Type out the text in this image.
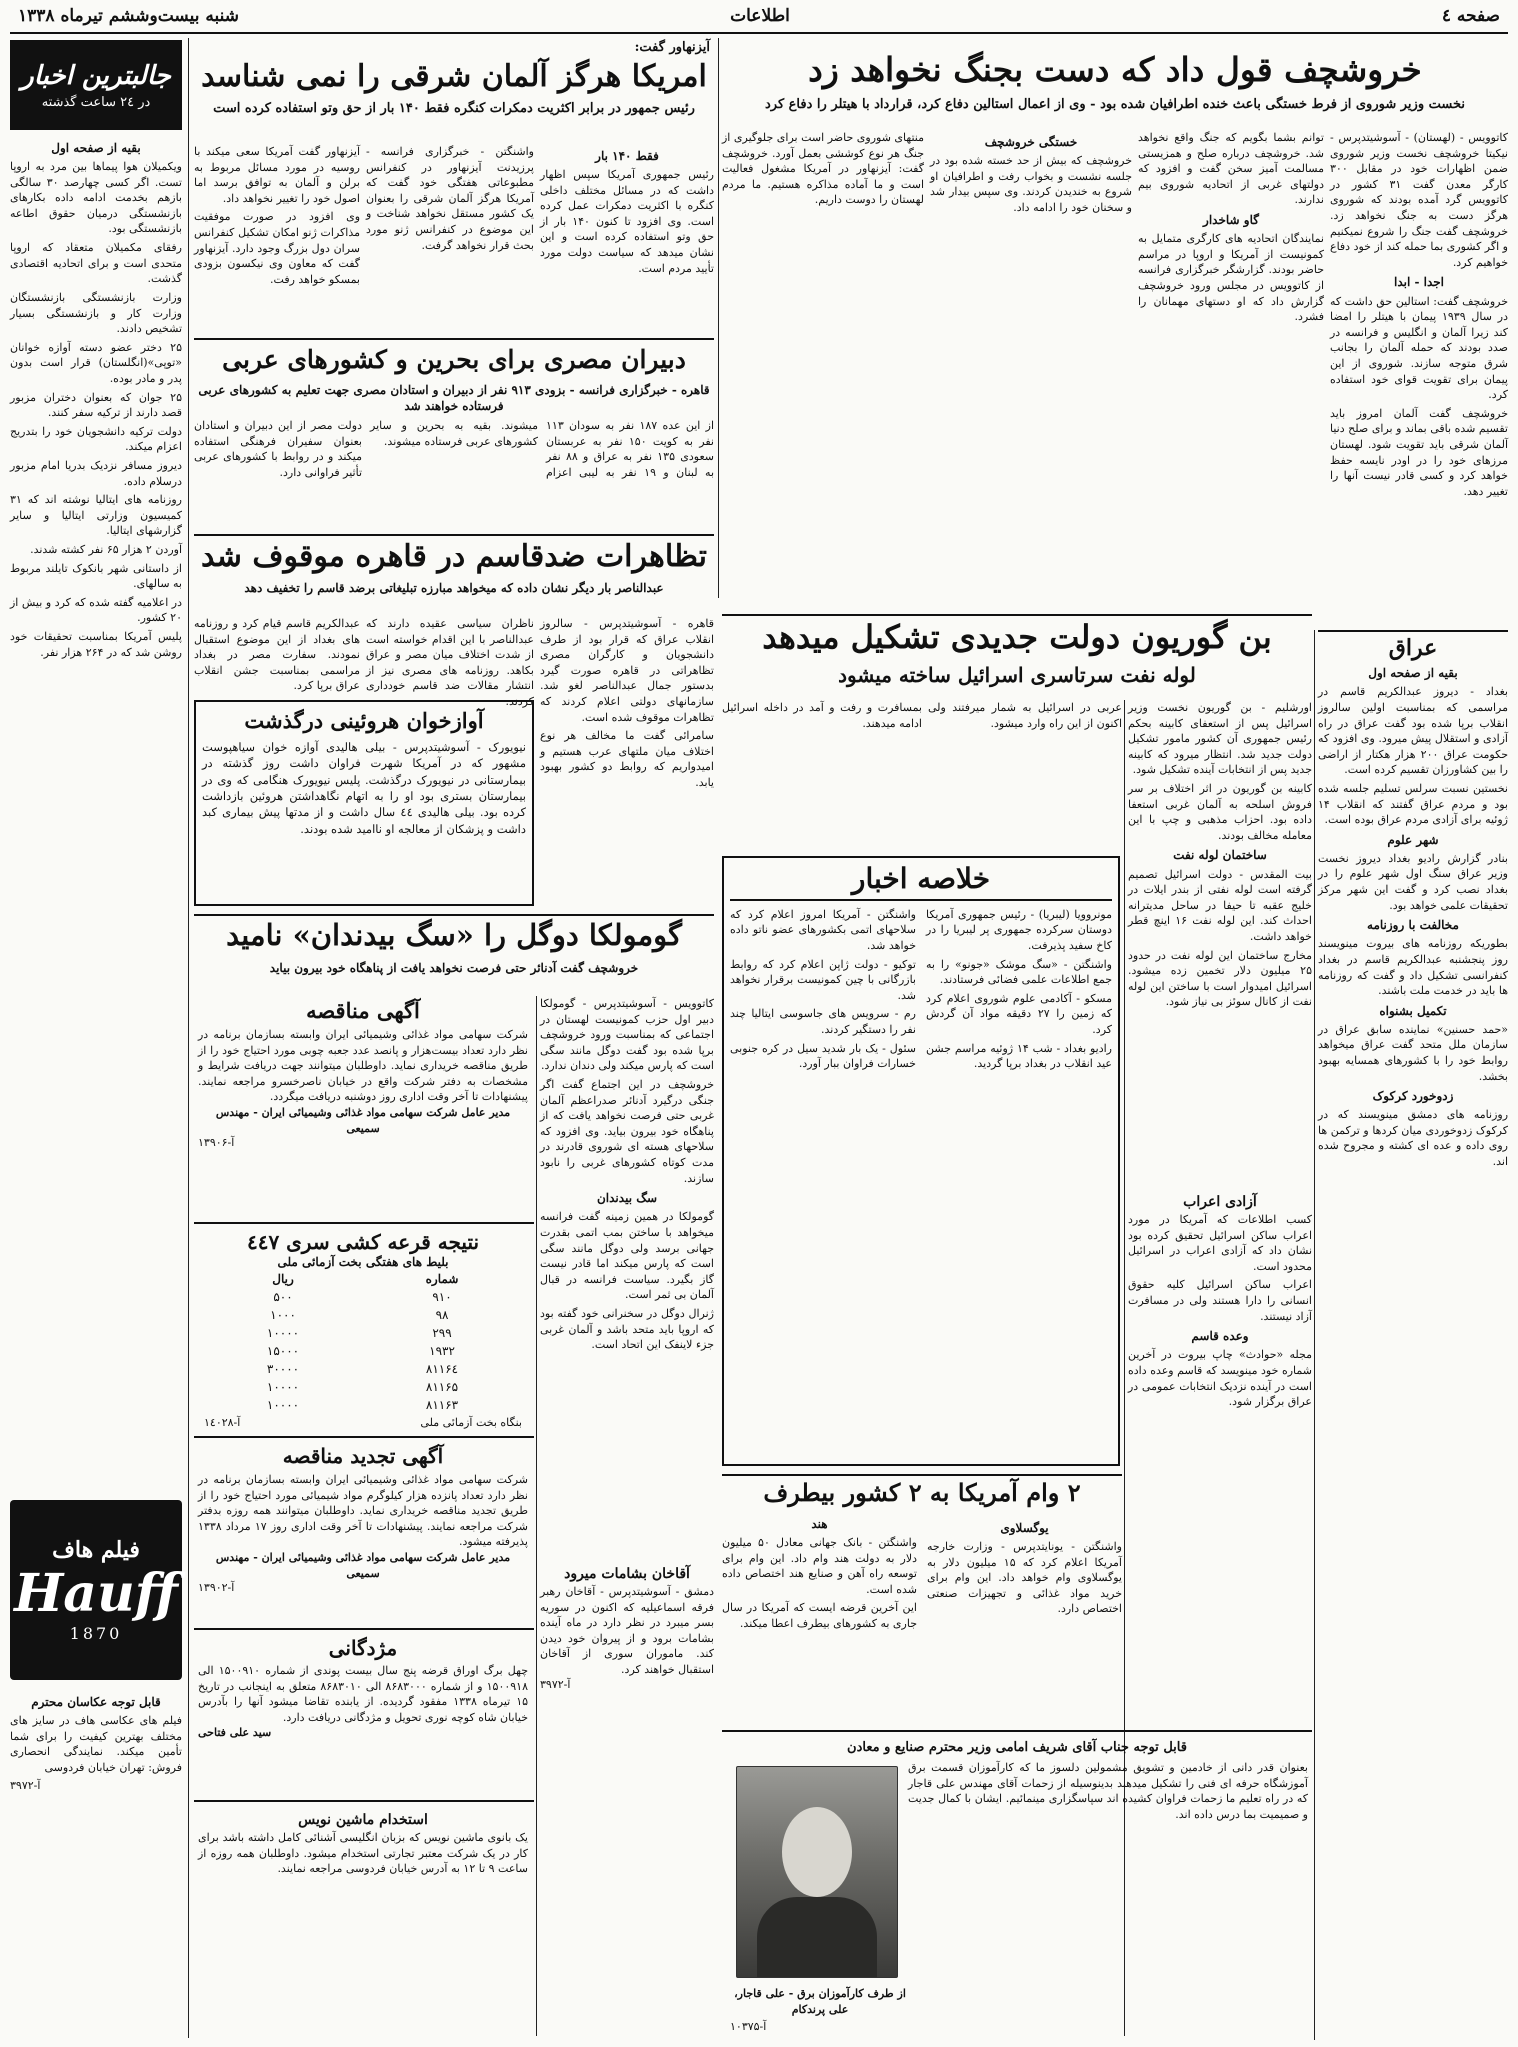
صفحه ٤
اطلاعات
شنبه بیست‌وششم تیرماه ۱۳۳۸
جالبترین اخبار
در ٢٤ ساعت گذشته
بقیه از صفحه اول

ویکمیلان هوا پیماها بین مرد به اروپا تست. اگر کسی چهارصد ۳۰ سالگی بازهم بخدمت ادامه داده بکارهای بازنشستگی درمیان حقوق اطاعه بازنشستگی بود.

رفقای مکمیلان متعقاد که اروپا متحدی است و برای اتحادیه اقتصادی گذشت.

وزارت بازنشستگی بازنشستگان وزارت کار و بازنشستگی بسیار تشخیص دادند.

۲۵ دختر عضو دسته آوازه خوانان «توپی»(انگلستان) قرار است بدون پدر و مادر بوده.

۲۵ جوان که بعنوان دختران مزبور قصد دارند از ترکیه سفر کنند.

دولت ترکیه دانشجویان خود را بتدریج اعزام میکند.

دیروز مسافر نزدیک بدریا امام مزبور درسلام داده.

روزنامه های ایتالیا نوشته اند که ۳۱ کمیسیون وزارتی ایتالیا و سایر گزارشهای ایتالیا.

آوردن ۲ هزار ۶۵ نفر کشته شدند.

از داستانی شهر بانکوک تایلند مربوط به سالهای.

در اعلامیه گفته شده که کرد و بیش از ۲۰ کشور.

پلیس آمریکا بمناسبت تحقیقات خود روشن شد که در ۲۶۴ هزار نفر.

فیلم هاف
Hauff
1870
قابل توجه عکاسان محترم

فیلم های عکاسی هاف در سایز های مختلف بهترین کیفیت را برای شما تأمین میکند. نمایندگی انحصاری فروش: تهران خیابان فردوسی

آ-۳۹۷۲
خروشچف قول داد که دست بجنگ نخواهد زد
نخست وزیر شوروی از فرط خستگی باعث خنده اطرافیان شده بود - وی از اعمال استالین دفاع کرد، قرارداد با هیتلر را دفاع کرد

کاتوویس - (لهستان) - آسوشیتدپرس - نیکیتا خروشچف نخست وزیر شوروی ضمن اظهارات خود در مقابل ۳۰۰ کارگر معدن گفت ۳۱ کشور در کاتوویس گرد آمده بودند که شوروی هرگز دست به جنگ نخواهد زد. خروشچف گفت جنگ را شروع نمیکنیم و اگر کشوری بما حمله کند از خود دفاع خواهیم کرد.

اجدا - ابدا

خروشچف گفت: استالین حق داشت که در سال ۱۹۳۹ پیمان با هیتلر را امضا کند زیرا آلمان و انگلیس و فرانسه در صدد بودند که حمله آلمان را بجانب شرق متوجه سازند. شوروی از این پیمان برای تقویت قوای خود استفاده کرد.

خروشچف گفت آلمان امروز باید تقسیم شده باقی بماند و برای صلح دنیا آلمان شرقی باید تقویت شود. لهستان مرزهای خود را در اودر نایسه حفظ خواهد کرد و کسی قادر نیست آنها را تغییر دهد.

توانم بشما بگویم که جنگ واقع نخواهد شد. خروشچف درباره صلح و همزیستی مسالمت آمیز سخن گفت و افزود که دولتهای غربی از اتحادیه شوروی بیم ندارند.

گاو شاخدار

نمایندگان اتحادیه های کارگری متمایل به کمونیست از آمریکا و اروپا در مراسم حاضر بودند. گزارشگر خبرگزاری فرانسه از کاتوویس در مجلس ورود خروشچف گزارش داد که او دستهای مهمانان را فشرد.

خستگی خروشچف

خروشچف که بیش از حد خسته شده بود در جلسه نشست و بخواب رفت و اطرافیان او شروع به خندیدن کردند. وی سپس بیدار شد و سخنان خود را ادامه داد.

منتهای شوروی حاضر است برای جلوگیری از جنگ هر نوع کوششی بعمل آورد. خروشچف گفت: آیزنهاور در آمریکا مشغول فعالیت است و ما آماده مذاکره هستیم. ما مردم لهستان را دوست داریم.

عراق
بقیه از صفحه اول

بغداد - دیروز عبدالکریم قاسم در مراسمی که بمناسبت اولین سالروز انقلاب برپا شده بود گفت عراق در راه آزادی و استقلال پیش میرود. وی افزود که حکومت عراق ۲۰۰ هزار هکتار از اراضی را بین کشاورزان تقسیم کرده است.

نخستین نسبت سرلس تسلیم جلسه شده بود و مردم عراق گفتند که انقلاب ۱۴ ژوئیه برای آزادی مردم عراق بوده است.

شهر علوم

بنادر گزارش رادیو بغداد دیروز نخست وزیر عراق سنگ اول شهر علوم را در بغداد نصب کرد و گفت این شهر مرکز تحقیقات علمی خواهد بود.

مخالفت با روزنامه

بطوریکه روزنامه های بیروت مینویسند روز پنجشنبه عبدالکریم قاسم در بغداد کنفرانسی تشکیل داد و گفت که روزنامه ها باید در خدمت ملت باشند.

تکمیل بشنواه

«حمد حسنین» نماینده سابق عراق در سازمان ملل متحد گفت عراق میخواهد روابط خود را با کشورهای همسایه بهبود بخشد.

زدوخورد کرکوک

روزنامه های دمشق مینویسند که در کرکوک زدوخوردی میان کردها و ترکمن ها روی داده و عده ای کشته و مجروح شده اند.

آیزنهاور گفت:
امریکا هرگز آلمان شرقی را نمی شناسد
رئیس جمهور در برابر اکثریت دمکرات کنگره فقط ۱۴۰ بار از حق وتو استفاده کرده است
فقط ۱۴۰ بار

رئیس جمهوری آمریکا سپس اظهار داشت که در مسائل مختلف داخلی کنگره با اکثریت دمکرات عمل کرده است. وی افزود تا کنون ۱۴۰ بار از حق وتو استفاده کرده است و این نشان میدهد که سیاست دولت مورد تأیید مردم است.

واشنگتن - خبرگزاری فرانسه - پرزیدنت آیزنهاور در کنفرانس مطبوعاتی هفتگی خود گفت که آمریکا هرگز آلمان شرقی را بعنوان یک کشور مستقل نخواهد شناخت و این موضوع در کنفرانس ژنو مورد بحث قرار نخواهد گرفت.

آیزنهاور گفت آمریکا سعی میکند با روسیه در مورد مسائل مربوط به برلن و آلمان به توافق برسد اما اصول خود را تغییر نخواهد داد.

وی افزود در صورت موفقیت مذاکرات ژنو امکان تشکیل کنفرانس سران دول بزرگ وجود دارد. آیزنهاور گفت که معاون وی نیکسون بزودی بمسکو خواهد رفت.

دبیران مصری برای بحرین و کشورهای عربی
قاهره - خبرگزاری فرانسه - بزودی ۹۱۳ نفر از دبیران و استادان مصری جهت تعلیم به کشورهای عربی فرستاده خواهند شد

از این عده ۱۸۷ نفر به سودان ۱۱۳ نفر به کویت ۱۵۰ نفر به عربستان سعودی ۱۳۵ نفر به عراق و ۸۸ نفر به لبنان و ۱۹ نفر به لیبی اعزام میشوند. بقیه به بحرین و سایر کشورهای عربی فرستاده میشوند.

دولت مصر از این دبیران و استادان بعنوان سفیران فرهنگی استفاده میکند و در روابط با کشورهای عربی تأثیر فراوانی دارد.

تظاهرات ضدقاسم در قاهره موقوف شد
عبدالناصر بار دیگر نشان داده که میخواهد مبارزه تبلیغاتی برضد قاسم را تخفیف دهد

قاهره - آسوشیتدپرس - سالروز انقلاب عراق که قرار بود از طرف دانشجویان و کارگران مصری تظاهراتی در قاهره صورت گیرد بدستور جمال عبدالناصر لغو شد. سازمانهای دولتی اعلام کردند که تظاهرات موقوف شده است.

سامرائی گفت ما مخالف هر نوع اختلاف میان ملتهای عرب هستیم و امیدواریم که روابط دو کشور بهبود یابد.

ناظران سیاسی عقیده دارند که عبدالناصر با این اقدام خواسته است از شدت اختلاف میان مصر و عراق بکاهد. روزنامه های مصری نیز از انتشار مقالات ضد قاسم خودداری کردند.

عبدالکریم قاسم قیام کرد و روزنامه های بغداد از این موضوع استقبال نمودند. سفارت مصر در بغداد مراسمی بمناسبت جشن انقلاب عراق برپا کرد.

آوازخوان هروئینی درگذشت
نیویورک - آسوشیتدپرس - بیلی هالیدی آوازه خوان سیاهپوست مشهور که در آمریکا شهرت فراوان داشت روز گذشته در بیمارستانی در نیویورک درگذشت. پلیس نیویورک هنگامی که وی در بیمارستان بستری بود او را به اتهام نگاهداشتن هروئین بازداشت کرده بود. بیلی هالیدی ٤٤ سال داشت و از مدتها پیش بیماری کبد داشت و پزشکان از معالجه او ناامید شده بودند.
گومولکا دوگل را «سگ بیدندان» نامید
خروشچف گفت آدنائر حتی فرصت نخواهد یافت از پناهگاه خود بیرون بیاید

کاتوویس - آسوشیتدپرس - گومولکا دبیر اول حزب کمونیست لهستان در اجتماعی که بمناسبت ورود خروشچف برپا شده بود گفت دوگل مانند سگی است که پارس میکند ولی دندان ندارد.

خروشچف در این اجتماع گفت اگر جنگی درگیرد آدنائر صدراعظم آلمان غربی حتی فرصت نخواهد یافت که از پناهگاه خود بیرون بیاید. وی افزود که سلاحهای هسته ای شوروی قادرند در مدت کوتاه کشورهای غربی را نابود سازند.

سگ بیدندان

گومولکا در همین زمینه گفت فرانسه میخواهد با ساختن بمب اتمی بقدرت جهانی برسد ولی دوگل مانند سگی است که پارس میکند اما قادر نیست گاز بگیرد. سیاست فرانسه در قبال آلمان بی ثمر است.

ژنرال دوگل در سخنرانی خود گفته بود که اروپا باید متحد باشد و آلمان غربی جزء لاینفک این اتحاد است.

آگهی مناقصه
شرکت سهامی مواد غذائی وشیمیائی ایران وابسته بسازمان برنامه در نظر دارد تعداد بیست‌هزار و پانصد عدد جعبه چوبی مورد احتیاج خود را از طریق مناقصه خریداری نماید. داوطلبان میتوانند جهت دریافت شرایط و مشخصات به دفتر شرکت واقع در خیابان ناصرخسرو مراجعه نمایند. پیشنهادات تا آخر وقت اداری روز دوشنبه دریافت میگردد.
مدیر عامل شرکت سهامی مواد غذائی وشیمیائی ایران - مهندس سمیعی
آ-۱۳۹۰۶
نتیجه قرعه کشی سری ٤٤٧
بلیط های هفتگی بخت آزمائی ملی
شماره	ریال
۹۱۰	۵۰۰
۹۸	۱۰۰۰
۲۹۹	۱۰۰۰۰
۱۹۳۲	۱۵۰۰۰
۸۱۱۶٤	۳۰۰۰۰
۸۱۱۶۵	۱۰۰۰۰
۸۱۱۶۳	۱۰۰۰۰
بنگاه بخت آزمائی ملی
آ-۱٤۰۲۸
آگهی تجدید مناقصه
شرکت سهامی مواد غذائی وشیمیائی ایران وابسته بسازمان برنامه در نظر دارد تعداد پانزده هزار کیلوگرم مواد شیمیائی مورد احتیاج خود را از طریق تجدید مناقصه خریداری نماید. داوطلبان میتوانند همه روزه بدفتر شرکت مراجعه نمایند. پیشنهادات تا آخر وقت اداری روز ۱۷ مرداد ۱۳۳۸ پذیرفته میشود.
مدیر عامل شرکت سهامی مواد غذائی وشیمیائی ایران - مهندس سمیعی
آ-۱۳۹۰۲
مژدگانی
چهل برگ اوراق قرضه پنج سال بیست پوندی از شماره ۱۵۰۰۹۱۰ الی ۱۵۰۰۹۱۸ و از شماره ۸۶۸۳۰۰۰ الی ۸۶۸۳۰۱۰ متعلق به اینجانب در تاریخ ۱۵ تیرماه ۱۳۳۸ مفقود گردیده. از یابنده تقاضا میشود آنها را بآدرس خیابان شاه کوچه نوری تحویل و مژدگانی دریافت دارد.
سید علی فتاحی
استخدام ماشین نویس
یک بانوی ماشین نویس که بزبان انگلیسی آشنائی کامل داشته باشد برای کار در یک شرکت معتبر تجارتی استخدام میشود. داوطلبان همه روزه از ساعت ۹ تا ۱۲ به آدرس خیابان فردوسی مراجعه نمایند.
آقاخان بشامات میرود
دمشق - آسوشیتدپرس - آقاخان رهبر فرقه اسماعیلیه که اکنون در سوریه بسر میبرد در نظر دارد در ماه آینده بشامات برود و از پیروان خود دیدن کند. ماموران سوری از آقاخان استقبال خواهند کرد.
آ-۳۹۷۲
بن گوریون دولت جدیدی تشکیل میدهد
لوله نفت سرتاسری اسرائیل ساخته میشود

اورشلیم - بن گوریون نخست وزیر اسرائیل پس از استعفای کابینه بحکم رئیس جمهوری آن کشور مامور تشکیل دولت جدید شد. انتظار میرود که کابینه جدید پس از انتخابات آینده تشکیل شود.

کابینه بن گوریون در اثر اختلاف بر سر فروش اسلحه به آلمان غربی استعفا داده بود. احزاب مذهبی و چپ با این معامله مخالف بودند.

ساختمان لوله نفت

بیت المقدس - دولت اسرائیل تصمیم گرفته است لوله نفتی از بندر ایلات در خلیج عقبه تا حیفا در ساحل مدیترانه احداث کند. این لوله نفت ۱۶ اینچ قطر خواهد داشت.

مخارج ساختمان این لوله نفت در حدود ۲۵ میلیون دلار تخمین زده میشود. اسرائیل امیدوار است با ساختن این لوله نفت از کانال سوئز بی نیاز شود.

عربی در اسرائیل به شمار میرفتند ولی اکنون از این راه وارد میشود.

بمسافرت و رفت و آمد در داخله اسرائیل ادامه میدهند.

خلاصه اخبار

مونروویا (لیبریا) - رئیس جمهوری آمریکا دوستان سرکرده جمهوری پر لیبریا را در کاخ سفید پذیرفت.

واشنگتن - «سگ موشک «جونو» را به جمع اطلاعات علمی فضائی فرستادند.

مسکو - آکادمی علوم شوروی اعلام کرد که زمین را ۲۷ دقیقه مواد آن گردش کرد.

رادیو بغداد - شب ۱۴ ژوئیه مراسم جشن عید انقلاب در بغداد برپا گردید.

واشنگتن - آمریکا امروز اعلام کرد که سلاحهای اتمی بکشورهای عضو ناتو داده خواهد شد.

توکیو - دولت ژاپن اعلام کرد که روابط بازرگانی با چین کمونیست برقرار نخواهد شد.

رم - سرویس های جاسوسی ایتالیا چند نفر را دستگیر کردند.

سئول - یک بار شدید سیل در کره جنوبی خسارات فراوان ببار آورد.

آزادی اعراب

کسب اطلاعات که آمریکا در مورد اعراب ساکن اسرائیل تحقیق کرده بود نشان داد که آزادی اعراب در اسرائیل محدود است.

اعراب ساکن اسرائیل کلیه حقوق انسانی را دارا هستند ولی در مسافرت آزاد نیستند.

وعده قاسم

مجله «حوادث» چاپ بیروت در آخرین شماره خود مینویسد که قاسم وعده داده است در آینده نزدیک انتخابات عمومی در عراق برگزار شود.

۲ وام آمریکا به ۲ کشور بیطرف
یوگسلاوی

واشنگتن - یونایتدپرس - وزارت خارجه آمریکا اعلام کرد که ۱۵ میلیون دلار به یوگسلاوی وام خواهد داد. این وام برای خرید مواد غذائی و تجهیزات صنعتی اختصاص دارد.

هند

واشنگتن - بانک جهانی معادل ۵۰ میلیون دلار به دولت هند وام داد. این وام برای توسعه راه آهن و صنایع هند اختصاص داده شده است.

این آخرین قرضه ایست که آمریکا در سال جاری به کشورهای بیطرف اعطا میکند.

قابل توجه جناب آقای شریف امامی وزیر محترم صنایع و معادن
بعنوان قدر دانی از خادمین و تشویق مشمولین دلسوز ما که کارآموزان قسمت برق آموزشگاه حرفه ای فنی را تشکیل میدهند بدینوسیله از زحمات آقای مهندس علی قاجار که در راه تعلیم ما زحمات فراوان کشیده اند سپاسگزاری مینمائیم. ایشان با کمال جدیت و صمیمیت بما درس داده اند.
از طرف کارآموزان برق - علی قاجار، علی پرندکام
آ-۱۰۳۷۵
